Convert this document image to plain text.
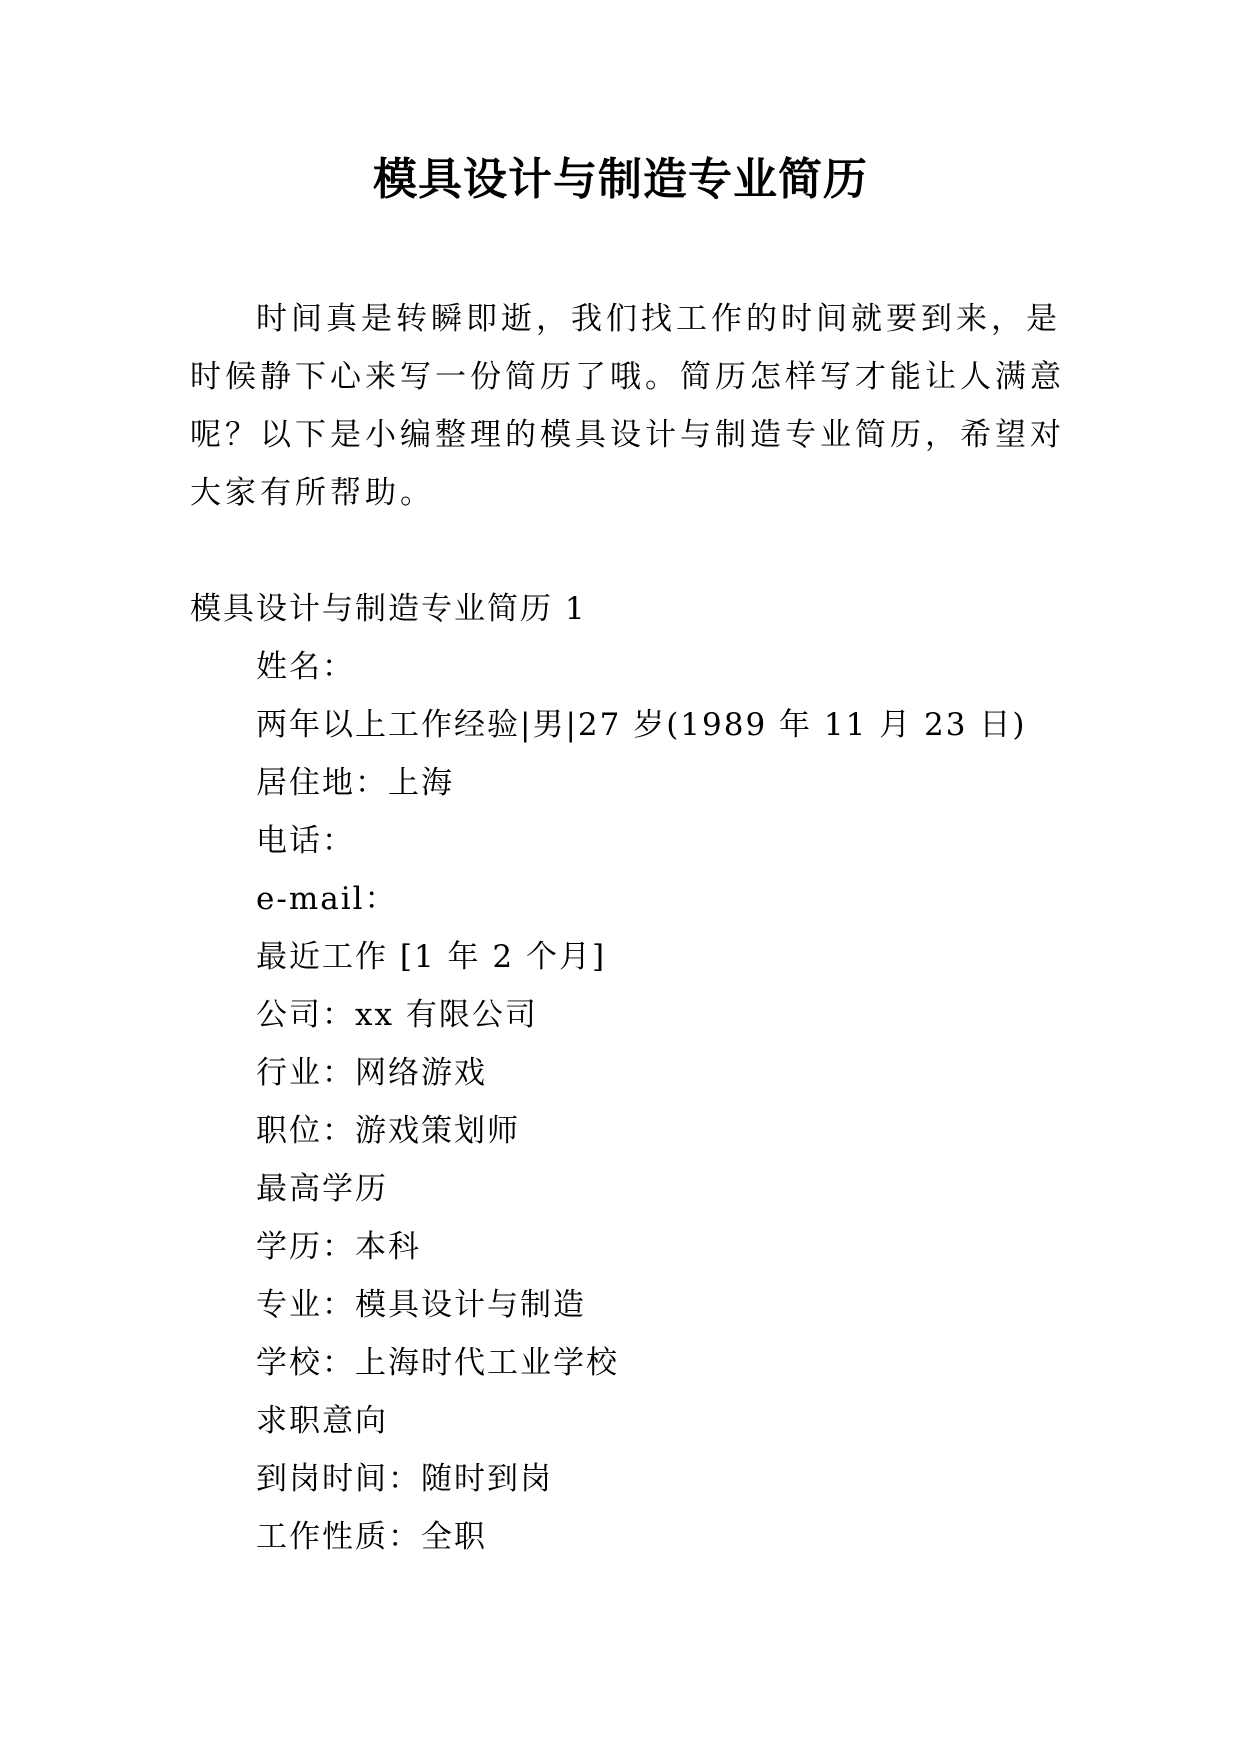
模具设计与制造专业简历

时间真是转瞬即逝，我们找工作的时间就要到来，是时候静下心来写一份简历了哦。简历怎样写才能让人满意呢？以下是小编整理的模具设计与制造专业简历，希望对大家有所帮助。

模具设计与制造专业简历 1
姓名：
两年以上工作经验|男|27 岁(1989 年 11 月 23 日)
居住地：上海
电话：
e-mail：
最近工作 [1 年 2 个月]
公司：xx 有限公司
行业：网络游戏
职位：游戏策划师
最高学历
学历：本科
专业：模具设计与制造
学校：上海时代工业学校
求职意向
到岗时间：随时到岗
工作性质：全职
